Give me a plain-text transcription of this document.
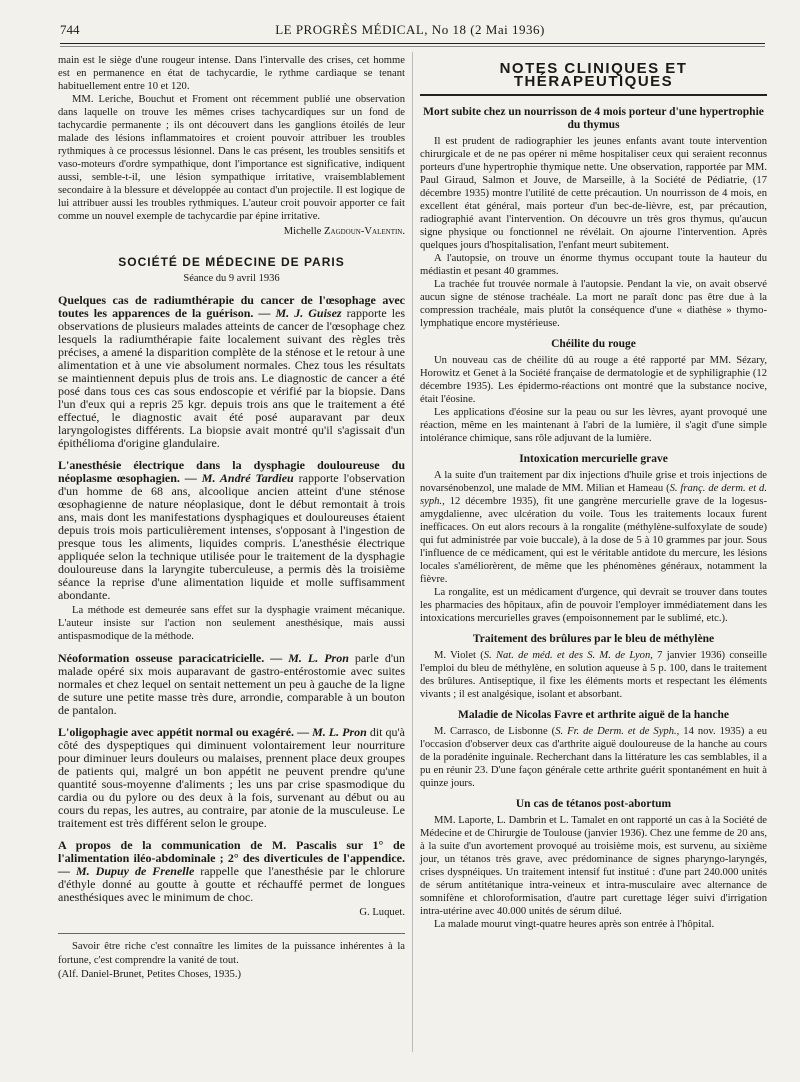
744	LE PROGRÈS MÉDICAL, No 18 (2 Mai 1936)

main est le siège d'une rougeur intense. Dans l'intervalle des crises, cet homme est en permanence en état de tachycardie, le rythme cardiaque se tenant habituellement entre 10 et 120.

MM. Leriche, Bouchut et Froment ont récemment publié une observation dans laquelle on trouve les mêmes crises tachycardiques sur un fond de tachycardie permanente ; ils ont découvert dans les ganglions étoilés de leur malade des lésions inflammatoires et croient pouvoir attribuer les troubles rythmiques à ce processus lésionnel. Dans le cas présent, les troubles sensitifs et vaso-moteurs d'ordre sympathique, dont l'importance est significative, indiquent aussi, semble-t-il, une lésion sympathique irritative, vraisemblablement secondaire à la blessure et développée au contact d'un projectile. Il est logique de lui attribuer aussi les troubles rythmiques. L'auteur croit pouvoir apporter ce fait comme un nouvel exemple de tachycardie par épine irritative.

Michelle Zagdoun-Valentin.
SOCIÉTÉ DE MÉDECINE DE PARIS
Séance du 9 avril 1936
Quelques cas de radiumthérapie du cancer de l'œsophage avec toutes les apparences de la guérison. — M. J. Guisez rapporte les observations de plusieurs malades atteints de cancer de l'œsophage chez lesquels la radiumthérapie faite localement suivant des règles très précises, a amené la disparition complète de la sténose et le retour à une alimentation et à une vie absolument normales. Chez tous les résultats se maintiennent depuis plus de trois ans. Le diagnostic de cancer a été posé dans tous ces cas sous endoscopie et vérifié par la biopsie. Dans l'un d'eux qui a repris 25 kgr. depuis trois ans que le traitement a été effectué, le diagnostic avait été posé auparavant par deux laryngologistes différents. La biopsie avait montré qu'il s'agissait d'un épithélioma d'origine glandulaire.
L'anesthésie électrique dans la dysphagie douloureuse du néoplasme œsophagien. — M. André Tardieu rapporte l'observation d'un homme de 68 ans, alcoolique ancien atteint d'une sténose œsophagienne de nature néoplasique, dont le début remontait à trois ans, mais dont les manifestations dysphagiques et douloureuses étaient depuis trois mois particulièrement intenses, s'opposant à l'ingestion de presque tous les aliments, liquides compris. L'anesthésie électrique appliquée selon la technique utilisée pour le traitement de la dysphagie douloureuse dans la laryngite tuberculeuse, a permis dès la troisième séance la reprise d'une alimentation liquide et molle suffisamment abondante.

La méthode est demeurée sans effet sur la dysphagie vraiment mécanique. L'auteur insiste sur l'action non seulement anesthésique, mais aussi antispasmodique de la méthode.

Néoformation osseuse paracicatricielle. — M. L. Pron parle d'un malade opéré six mois auparavant de gastro-entérostomie avec suites normales et chez lequel on sentait nettement un peu à gauche de la ligne de suture une petite masse très dure, arrondie, comparable à un bouton de pantalon.
L'oligophagie avec appétit normal ou exagéré. — M. L. Pron dit qu'à côté des dyspeptiques qui diminuent volontairement leur nourriture pour diminuer leurs douleurs ou malaises, prennent place deux groupes de patients qui, malgré un bon appétit ne peuvent prendre qu'une quantité sous-moyenne d'aliments ; les uns par crise spasmodique du cardia ou du pylore ou des deux à la fois, survenant au début ou au cours du repas, les autres, au contraire, par atonie de la musculeuse. Le traitement est très différent selon le groupe.
A propos de la communication de M. Pascalis sur 1° de l'alimentation iléo-abdominale ; 2° des diverticules de l'appendice. — M. Dupuy de Frenelle rappelle que l'anesthésie par le chlorure d'éthyle donné au goutte à goutte et réchauffé permet de longues anesthésiques avec le minimum de choc.
G. Luquet.

Savoir être riche c'est connaître les limites de la puissance inhérentes à la fortune, c'est comprendre la vanité de tout.

(Alf. Daniel-Brunet, Petites Choses, 1935.)

NOTES CLINIQUES ET THÉRAPEUTIQUES
Mort subite chez un nourrisson de 4 mois porteur d'une hypertrophie du thymus

Il est prudent de radiographier les jeunes enfants avant toute intervention chirurgicale et de ne pas opérer ni même hospitaliser ceux qui seraient reconnus porteurs d'une hypertrophie thymique nette. Une observation, rapportée par MM. Paul Giraud, Salmon et Jouve, de Marseille, à la Société de Pédiatrie, (17 décembre 1935) montre l'utilité de cette précaution. Un nourrisson de 4 mois, en excellent état général, mais porteur d'un bec-de-lièvre, est, par précaution, radiographié avant l'intervention. On découvre un très gros thymus, qu'aucun signe physique ou fonctionnel ne révélait. On ajourne l'intervention. Après quelques jours d'hospitalisation, l'enfant meurt subitement.

A l'autopsie, on trouve un énorme thymus occupant toute la hauteur du médiastin et pesant 40 grammes.

La trachée fut trouvée normale à l'autopsie. Pendant la vie, on avait observé aucun signe de sténose trachéale. La mort ne paraît donc pas être due à la compression trachéale, mais plutôt la conséquence d'une « diathèse » thymo-lymphatique encore mystérieuse.

Chéilite du rouge

Un nouveau cas de chéilite dû au rouge a été rapporté par MM. Sézary, Horowitz et Genet à la Société française de dermatologie et de syphiligraphie (12 décembre 1935). Les épidermo-réactions ont montré que la substance nocive, était l'éosine.

Les applications d'éosine sur la peau ou sur les lèvres, ayant provoqué une réaction, même en les maintenant à l'abri de la lumière, il s'agit d'une simple intolérance chimique, sans rôle adjuvant de la lumière.

Intoxication mercurielle grave

A la suite d'un traitement par dix injections d'huile grise et trois injections de novarsénobenzol, une malade de MM. Milian et Hameau (S. franç. de derm. et d. syph., 12 décembre 1935), fit une gangrène mercurielle grave de la logesus-amygdalienne, avec ulcération du voile. Tous les traitements locaux furent inefficaces. On eut alors recours à la rongalite (méthylène-sulfoxylate de soude) qui fut administrée par voie buccale), à la dose de 5 à 10 grammes par jour. Sous l'influence de ce médicament, qui est le véritable antidote du mercure, les lésions locales s'améliorèrent, de même que les phénomènes généraux, notamment la fièvre.

La rongalite, est un médicament d'urgence, qui devrait se trouver dans toutes les pharmacies des hôpitaux, afin de pouvoir l'employer immédiatement dans les intoxications mercurielles graves (empoisonnement par le sublimé, etc.).

Traitement des brûlures par le bleu de méthylène

M. Violet (S. Nat. de méd. et des S. M. de Lyon, 7 janvier 1936) conseille l'emploi du bleu de méthylène, en solution aqueuse à 5 p. 100, dans le traitement des brûlures. Antiseptique, il fixe les éléments morts et respectant les éléments vivants ; il est analgésique, isolant et absorbant.

Maladie de Nicolas Favre et arthrite aiguë de la hanche

M. Carrasco, de Lisbonne (S. Fr. de Derm. et de Syph., 14 nov. 1935) a eu l'occasion d'observer deux cas d'arthrite aiguë douloureuse de la hanche au cours de la poradénite inguinale. Recherchant dans la littérature les cas semblables, il a pu en réunir 23. D'une façon générale cette arthrite guérit spontanément en huit à quinze jours.

Un cas de tétanos post-abortum

MM. Laporte, L. Dambrin et L. Tamalet en ont rapporté un cas à la Société de Médecine et de Chirurgie de Toulouse (janvier 1936). Chez une femme de 20 ans, à la suite d'un avortement provoqué au troisième mois, est survenu, au sixième jour, un tétanos très grave, avec prédominance de signes pharyngo-laryngés, crises dyspnéiques. Un traitement intensif fut institué : d'une part 240.000 unités de sérum antitétanique intra-veineux et intra-musculaire avec alternance de somnifène et chloroformisation, d'autre part curettage léger suivi d'irrigation intra-utérine avec 40.000 unités de sérum dilué.

La malade mourut vingt-quatre heures après son entrée à l'hôpital.
